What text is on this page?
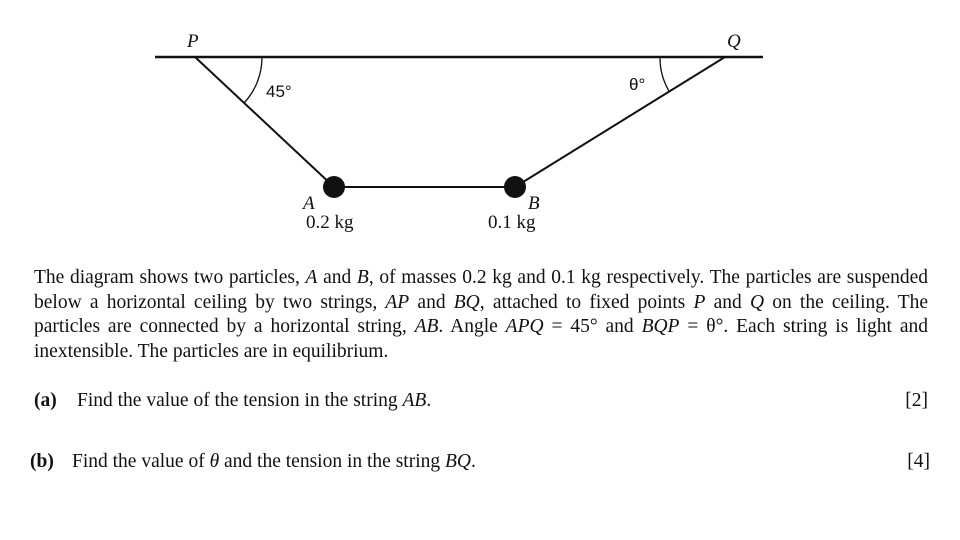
P	Q
45°	θ°
A
0.2 kg
B
0.1 kg

The diagram shows two particles, A and B, of masses 0.2 kg and 0.1 kg respectively. The particles are suspended below a horizontal ceiling by two strings, AP and BQ, attached to fixed points P and Q on the ceiling. The particles are connected by a horizontal string, AB. Angle APQ = 45° and BQP = θ°. Each string is light and inextensible. The particles are in equilibrium.

(a) Find the value of the tension in the string AB.	[2]
(b) Find the value of θ and the tension in the string BQ.	[4]
